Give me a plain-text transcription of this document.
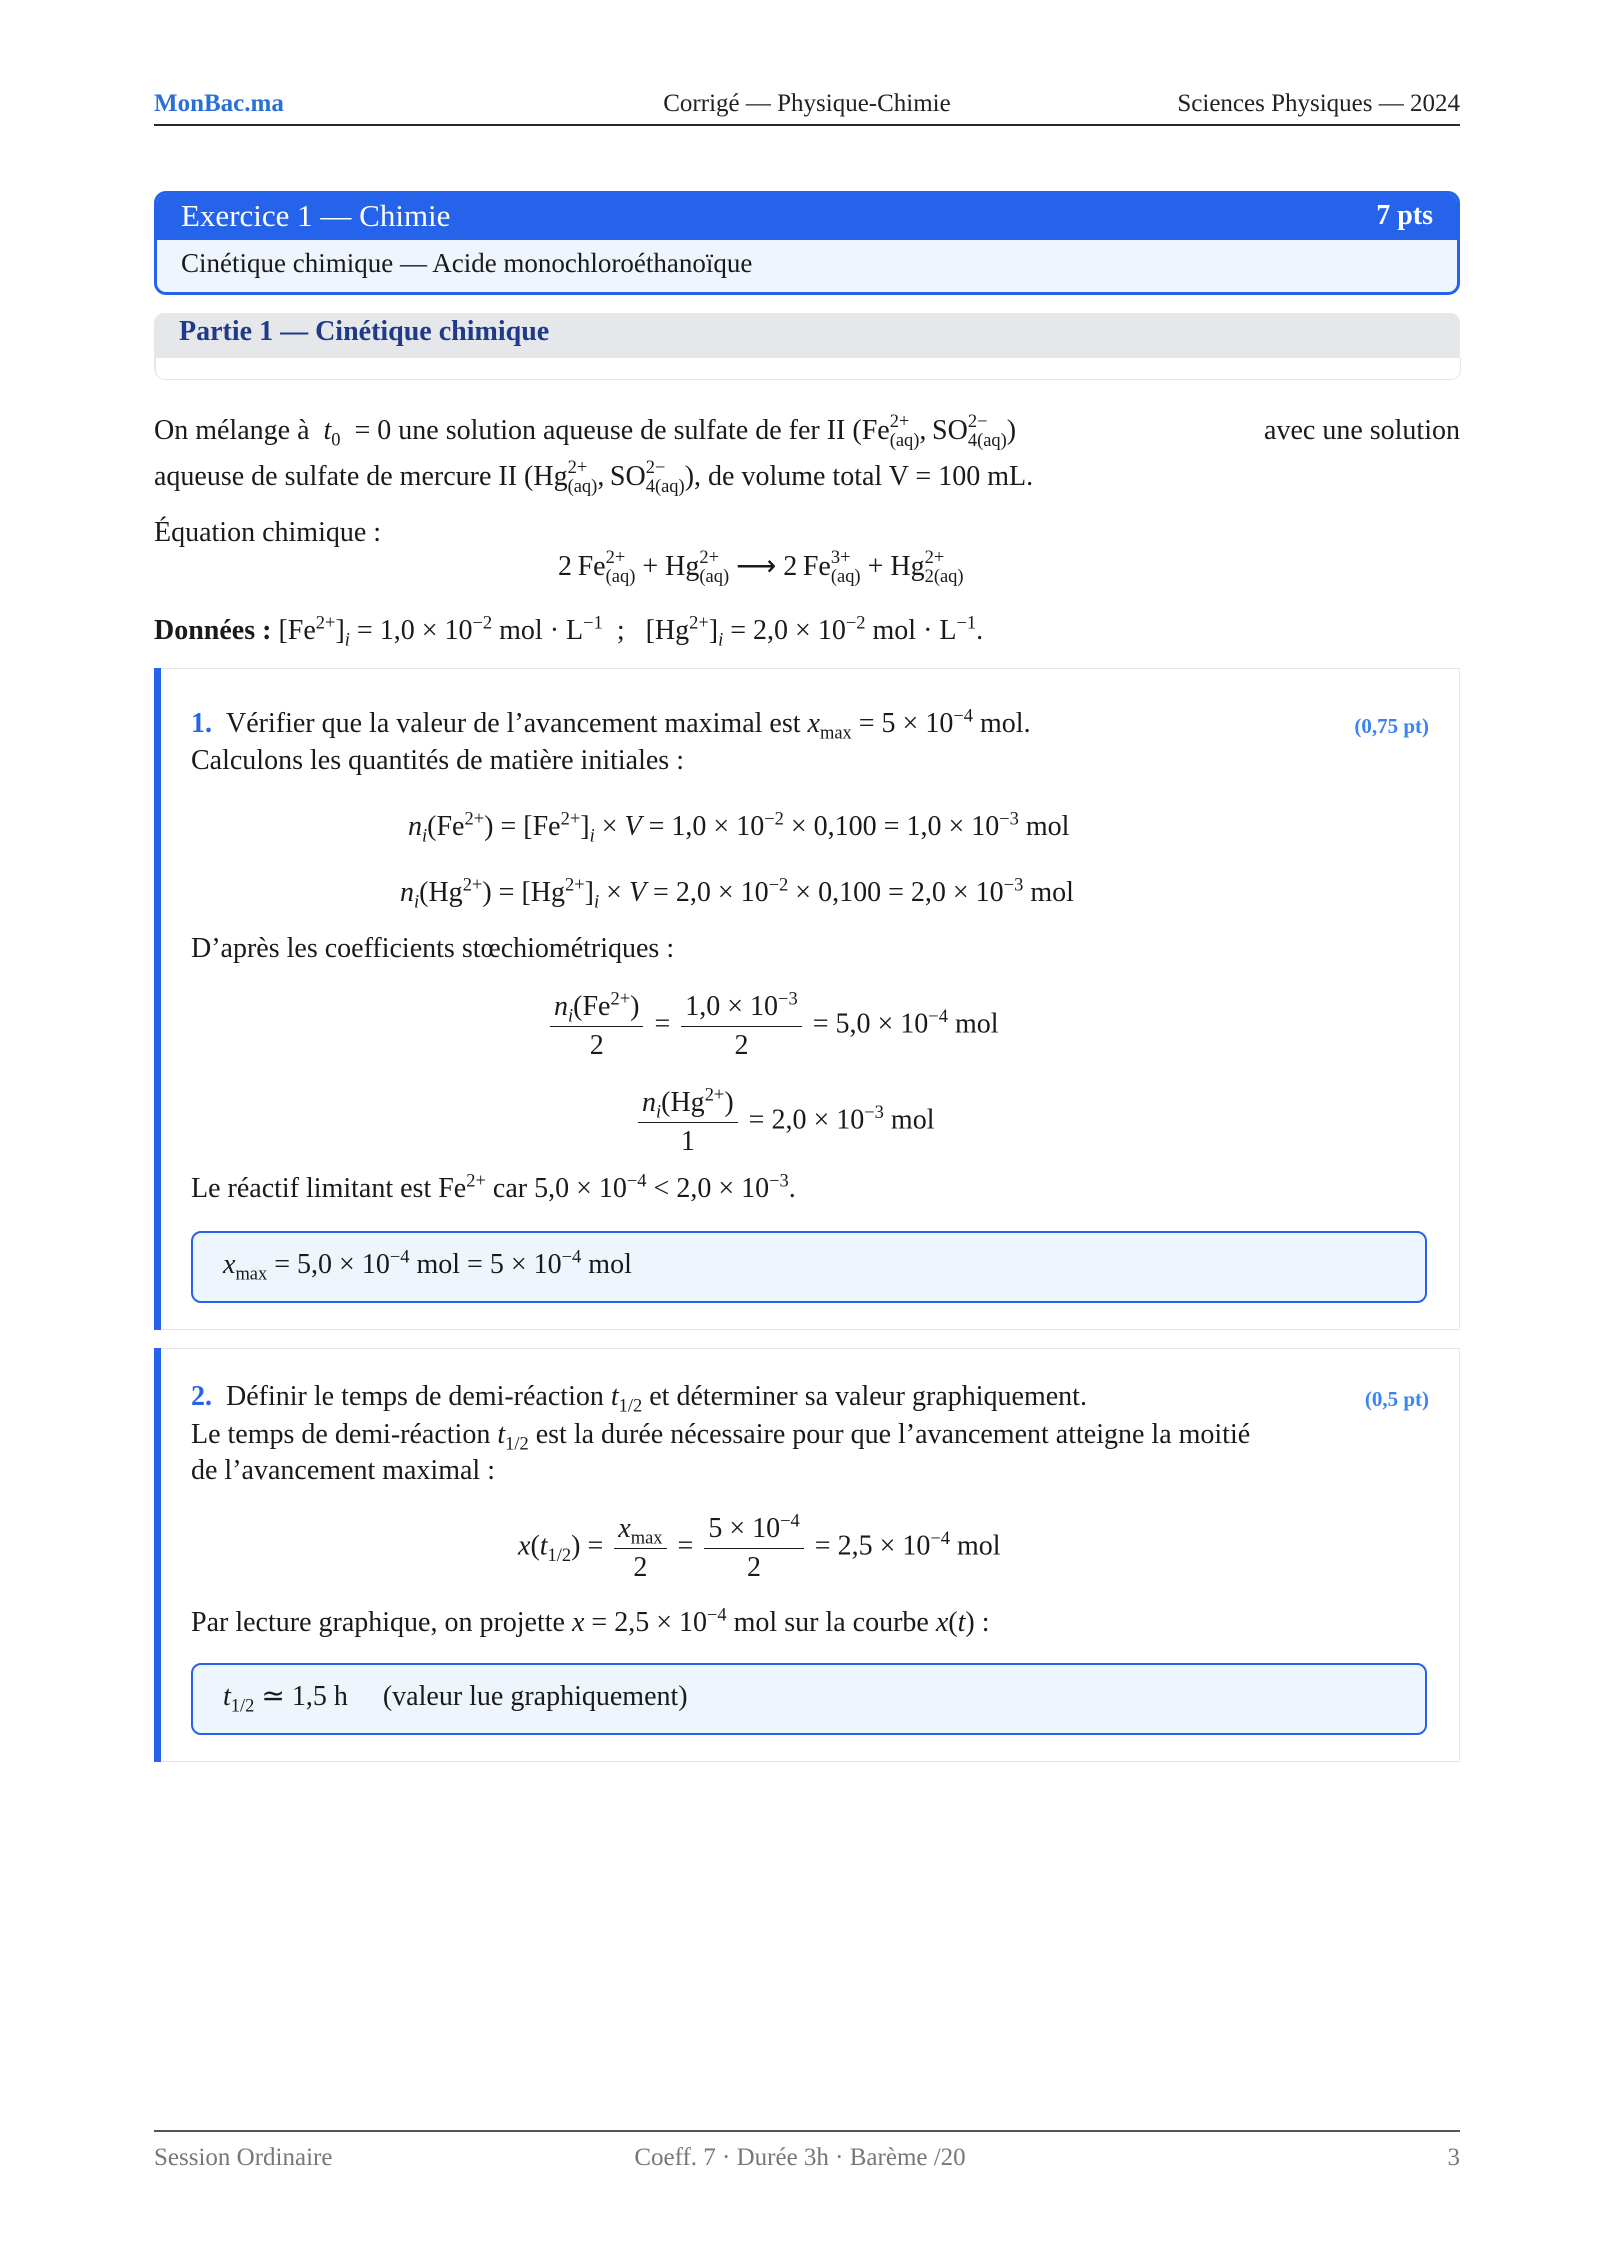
Corrigé — Physique-Chimie
MonBac.ma	Sciences Physiques — 2024
Exercice 1 — Chimie	7 pts
Cinétique chimique — Acide monochloroéthanoïque
Partie 1 — Cinétique chimique
On mélange à $t_0 = 0$ une solution aqueuse de sulfate de fer II (Fe 2+
(aq) , SO 2−
4(aq) )	avec une solution
aqueuse de sulfate de mercure II (Hg 2+
(aq) , SO 2−
4(aq) ), de volume total V = 100 mL.
Équation chimique :
2 Fe 2+
(aq) + Hg 2+
(aq) ⟶ 2 Fe 3+
(aq) + Hg 2+
2(aq)
Données : $[Fe^{2+}]_i = 1,0 \times 10^{-2}$ mol · $L^{-1}$  ;   $[Hg^{2+}]_i = 2,0 \times 10^{-2}$ mol · $L^{-1}$.
1. Vérifier que la valeur de l’avancement maximal est $x_{max} = 5 \times 10^{-4}$ mol.	(0,75 pt)
Calculons les quantités de matière initiales :
$n_i(Fe^{2+}) = [Fe^{2+}]_i \times V = 1,0 \times 10^{-2} \times 0,100 = 1,0 \times 10^{-3}$ mol
$n_i(Hg^{2+}) = [Hg^{2+}]_i \times V = 2,0 \times 10^{-2} \times 0,100 = 2,0 \times 10^{-3}$ mol
D’après les coefficients stœchiométriques :
$\frac{n_i(Fe^{2+})}{2} = \frac{1,0 \times 10^{-3}}{2} = 5,0 \times 10^{-4}$ mol
$\frac{n_i(Hg^{2+})}{1} = 2,0 \times 10^{-3}$ mol
Le réactif limitant est $Fe^{2+}$ car $5,0 \times 10^{-4} < 2,0 \times 10^{-3}$.
$x_{max} = 5,0 \times 10^{-4}$ mol = $5 \times 10^{-4}$ mol
2. Définir le temps de demi-réaction $t_{1/2}$ et déterminer sa valeur graphiquement.	(0,5 pt)
Le temps de demi-réaction $t_{1/2}$ est la durée nécessaire pour que l’avancement atteigne la moitié
de l’avancement maximal :
$x(t_{1/2}) = \frac{x_{max}}{2} = \frac{5 \times 10^{-4}}{2} = 2,5 \times 10^{-4}$ mol
Par lecture graphique, on projette $x = 2,5 \times 10^{-4}$ mol sur la courbe x(t) :
$t_{1/2}$ ≃ 1,5 h (valeur lue graphiquement)
Session Ordinaire	Coeff. 7 · Durée 3h · Barème /20	3
